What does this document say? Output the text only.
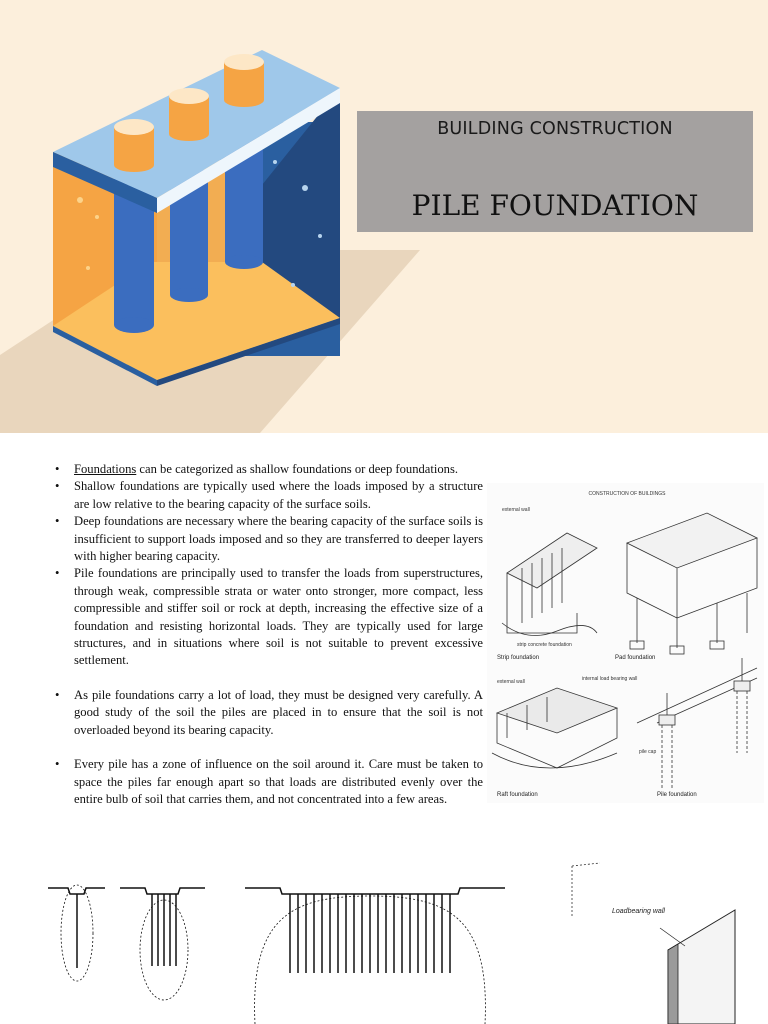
BUILDING CONSTRUCTION
PILE FOUNDATION
• Foundations can be categorized as shallow foundations or deep foundations.
• Shallow foundations are typically used where the loads imposed by a structure are low relative to the bearing capacity of the surface soils.
• Deep foundations are necessary where the bearing capacity of the surface soils is insufficient to support loads imposed and so they are transferred to deeper layers with higher bearing capacity.
• Pile foundations are principally used to transfer the loads from superstructures, through weak, compressible strata or water onto stronger, more compact, less compressible and stiffer soil or rock at depth, increasing the effective size of a foundation and resisting horizontal loads. They are typically used for large structures, and in situations where soil is not suitable to prevent excessive settlement.
• As pile foundations carry a lot of load, they must be designed very carefully. A good study of the soil the piles are placed in to ensure that the soil is not overloaded beyond its bearing capacity.
• Every pile has a zone of influence on the soil around it. Care must be taken to space the piles far enough apart so that loads are distributed evenly over the entire bulb of soil that carries them, and not concentrated into a few areas.
CONSTRUCTION OF BUILDINGS
external wall
strip concrete foundation
Strip foundation	Pad foundation
external wall	internal load bearing wall
Raft foundation
pile cap
Pile foundation
Loadbearing wall
